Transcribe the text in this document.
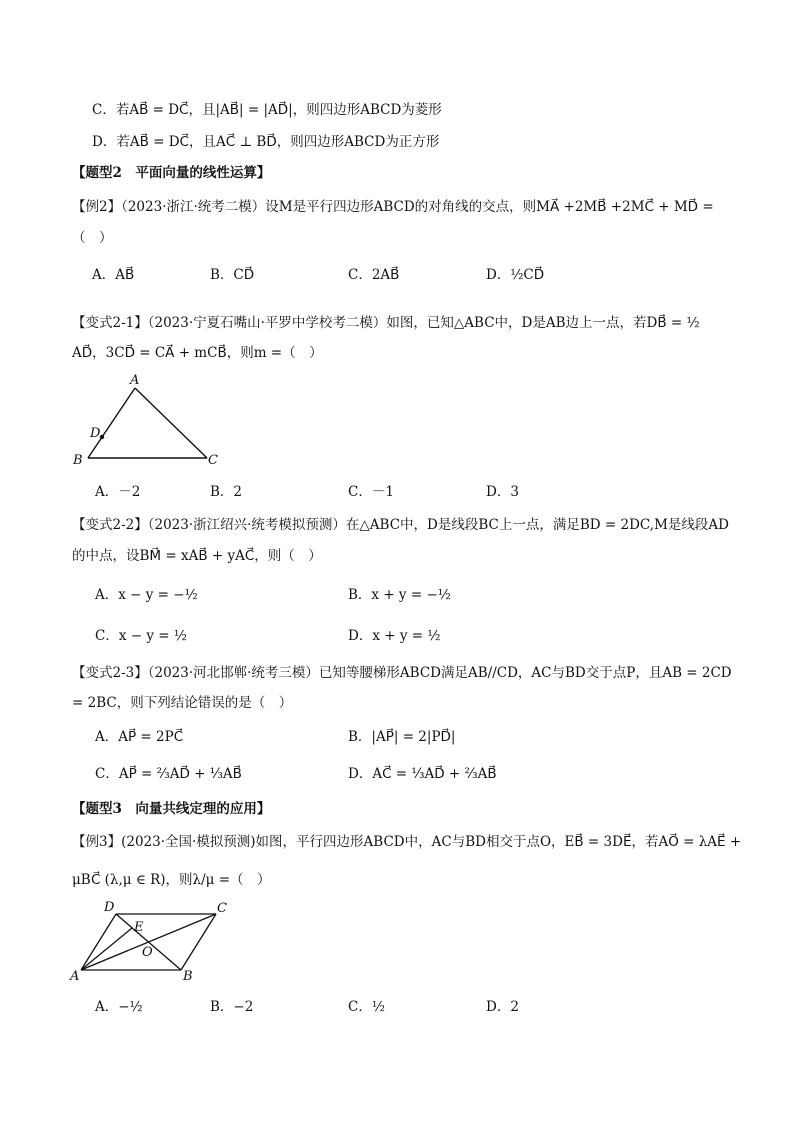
C．若AB⃗ = DC⃗，且|AB⃗| = |AD⃗|，则四边形ABCD为菱形
D．若AB⃗ = DC⃗，且AC⃗ ⊥ BD⃗，则四边形ABCD为正方形
【题型2　平面向量的线性运算】
【例2】（2023·浙江·统考二模）设M是平行四边形ABCD的对角线的交点，则MA⃗ +2MB⃗ +2MC⃗ + MD⃗ =
（　）
A．AB⃗	B．CD⃗	C．2AB⃗	D．½CD⃗
【变式2-1】（2023·宁夏石嘴山·平罗中学校考二模）如图，已知△ABC中，D是AB边上一点，若DB⃗ = ½
AD⃗，3CD⃗ = CA⃗ + mCB⃗，则m =（　）
A
D
B	C
A．－2	B．2	C．－1	D．3
【变式2-2】（2023·浙江绍兴·统考模拟预测）在△ABC中，D是线段BC上一点，满足BD = 2DC,M是线段AD
的中点，设BM⃗ = xAB⃗ + yAC⃗，则（　）
A．x − y = −½	B．x + y = −½
C．x − y = ½	D．x + y = ½
【变式2-3】（2023·河北邯郸·统考三模）已知等腰梯形ABCD满足AB//CD，AC与BD交于点P，且AB = 2CD
= 2BC，则下列结论错误的是（　）
A．AP⃗ = 2PC⃗	B．|AP⃗| = 2|PD⃗|
C．AP⃗ = ⅔AD⃗ + ⅓AB⃗	D．AC⃗ = ⅓AD⃗ + ⅔AB⃗
【题型3　向量共线定理的应用】
【例3】(2023·全国·模拟预测)如图，平行四边形ABCD中，AC与BD相交于点O，EB⃗ = 3DE⃗，若AO⃗ = λAE⃗ +
μBC⃗ (λ,μ ∈ R)，则λ/μ =（　）
D	C
E
O
A	B
A．−½	B．−2	C．½	D．2
